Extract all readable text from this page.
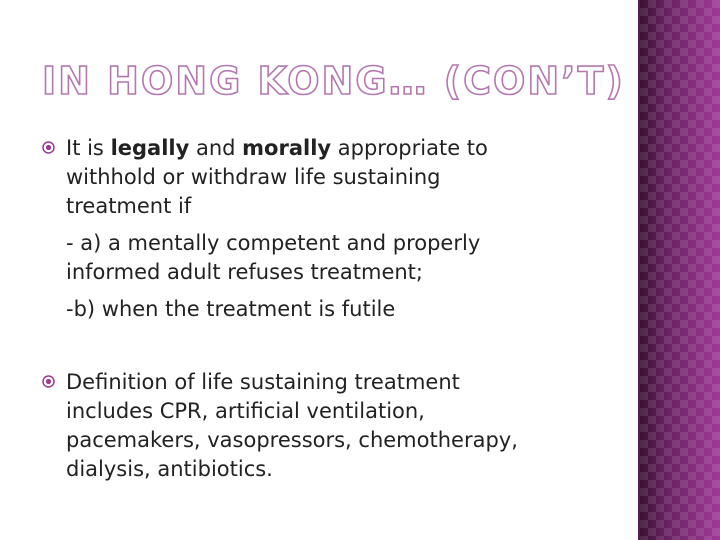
IN HONG KONG… (CON’T)
It is legally and morally appropriate to
withhold or withdraw life sustaining
treatment if
- a) a mentally competent and properly
informed adult refuses treatment;
-b) when the treatment is futile
Definition of life sustaining treatment
includes CPR, artificial ventilation,
pacemakers, vasopressors, chemotherapy,
dialysis, antibiotics.
